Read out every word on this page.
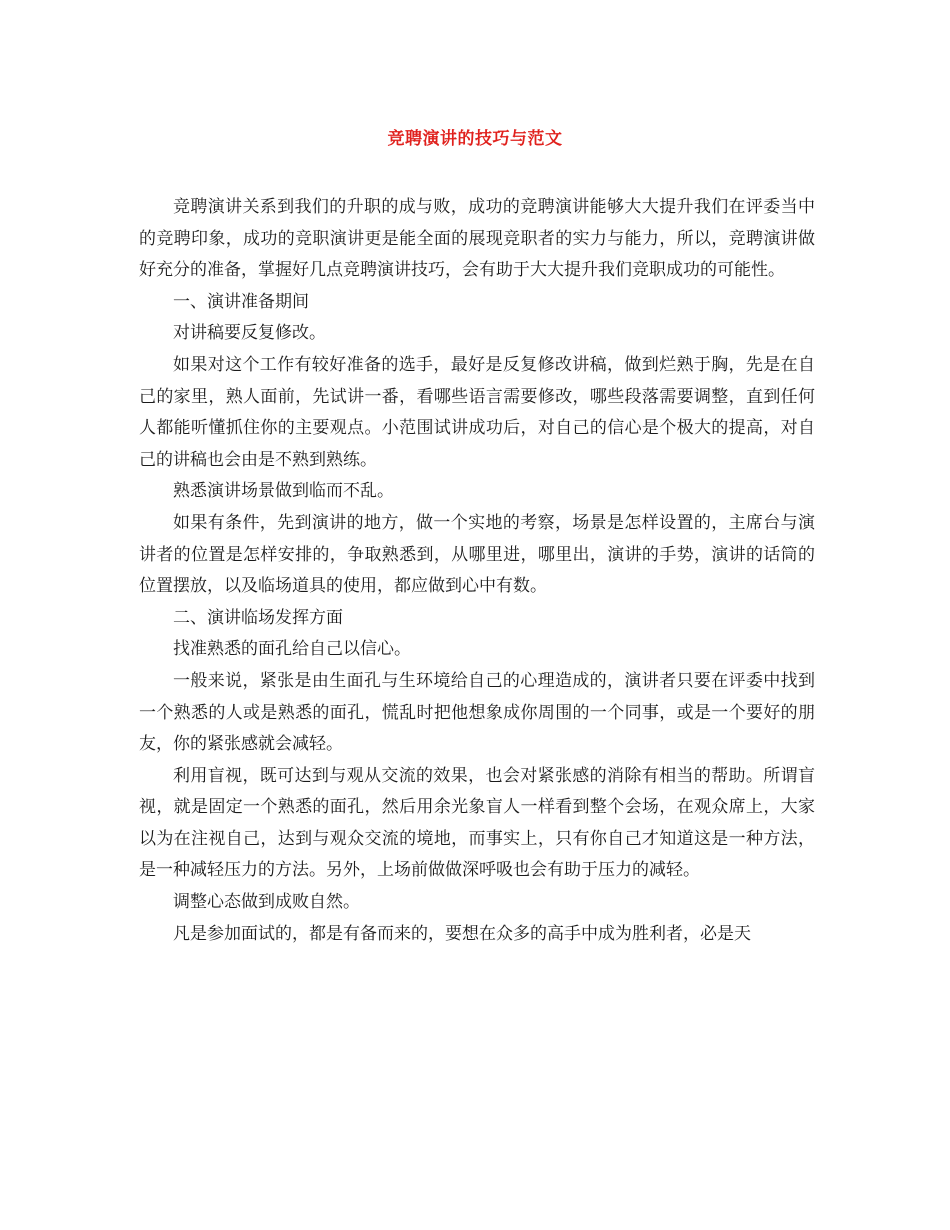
竞聘演讲的技巧与范文

竞聘演讲关系到我们的升职的成与败，成功的竞聘演讲能够大大提升我们在评委当中的竞聘印象，成功的竞职演讲更是能全面的展现竞职者的实力与能力，所以，竞聘演讲做好充分的准备，掌握好几点竞聘演讲技巧，会有助于大大提升我们竞职成功的可能性。

一、演讲准备期间

对讲稿要反复修改。

如果对这个工作有较好准备的选手，最好是反复修改讲稿，做到烂熟于胸，先是在自己的家里，熟人面前，先试讲一番，看哪些语言需要修改，哪些段落需要调整，直到任何人都能听懂抓住你的主要观点。小范围试讲成功后，对自己的信心是个极大的提高，对自己的讲稿也会由是不熟到熟练。

熟悉演讲场景做到临而不乱。

如果有条件，先到演讲的地方，做一个实地的考察，场景是怎样设置的，主席台与演讲者的位置是怎样安排的，争取熟悉到，从哪里进，哪里出，演讲的手势，演讲的话筒的位置摆放，以及临场道具的使用，都应做到心中有数。

二、演讲临场发挥方面

找准熟悉的面孔给自己以信心。

一般来说，紧张是由生面孔与生环境给自己的心理造成的，演讲者只要在评委中找到一个熟悉的人或是熟悉的面孔，慌乱时把他想象成你周围的一个同事，或是一个要好的朋友，你的紧张感就会减轻。

利用盲视，既可达到与观从交流的效果，也会对紧张感的消除有相当的帮助。所谓盲视，就是固定一个熟悉的面孔，然后用余光象盲人一样看到整个会场，在观众席上，大家以为在注视自己，达到与观众交流的境地，而事实上，只有你自己才知道这是一种方法，是一种减轻压力的方法。另外，上场前做做深呼吸也会有助于压力的减轻。

调整心态做到成败自然。

凡是参加面试的，都是有备而来的，要想在众多的高手中成为胜利者，必是天
